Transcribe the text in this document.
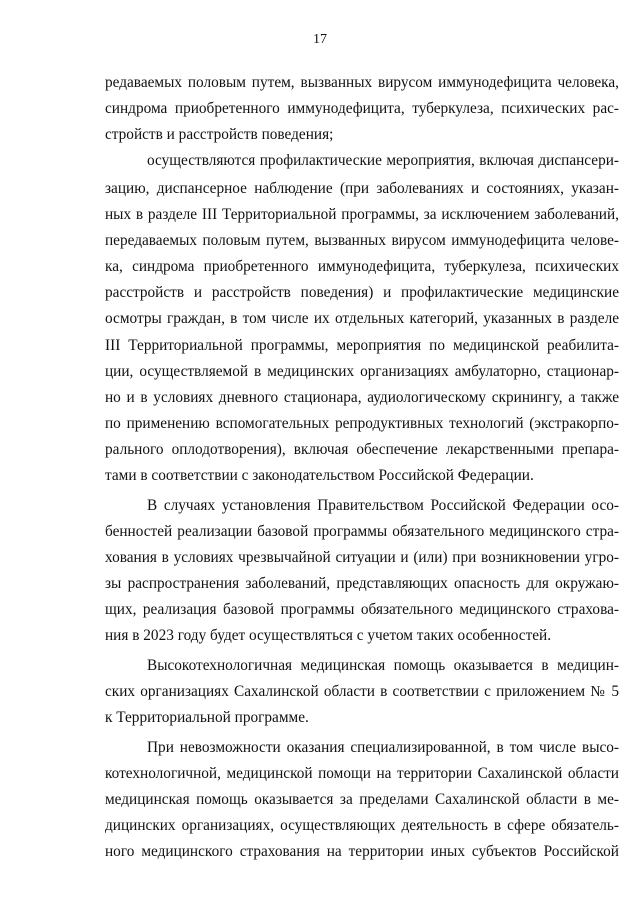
17
редаваемых половым путем, вызванных вирусом иммунодефицита человека,
синдрома приобретенного иммунодефицита, туберкулеза, психических рас-
стройств и расстройств поведения;
осуществляются профилактические мероприятия, включая диспансери-
зацию, диспансерное наблюдение (при заболеваниях и состояниях, указан-
ных в разделе III Территориальной программы, за исключением заболеваний,
передаваемых половым путем, вызванных вирусом иммунодефицита челове-
ка, синдрома приобретенного иммунодефицита, туберкулеза, психических
расстройств и расстройств поведения) и профилактические медицинские
осмотры граждан, в том числе их отдельных категорий, указанных в разделе
III Территориальной программы, мероприятия по медицинской реабилита-
ции, осуществляемой в медицинских организациях амбулаторно, стационар-
но и в условиях дневного стационара, аудиологическому скринингу, а также
по применению вспомогательных репродуктивных технологий (экстракорпо-
рального оплодотворения), включая обеспечение лекарственными препара-
тами в соответствии с законодательством Российской Федерации.
В случаях установления Правительством Российской Федерации осо-
бенностей реализации базовой программы обязательного медицинского стра-
хования в условиях чрезвычайной ситуации и (или) при возникновении угро-
зы распространения заболеваний, представляющих опасность для окружаю-
щих, реализация базовой программы обязательного медицинского страхова-
ния в 2023 году будет осуществляться с учетом таких особенностей.
Высокотехнологичная медицинская помощь оказывается в медицин-
ских организациях Сахалинской области в соответствии с приложением № 5
к Территориальной программе.
При невозможности оказания специализированной, в том числе высо-
котехнологичной, медицинской помощи на территории Сахалинской области
медицинская помощь оказывается за пределами Сахалинской области в ме-
дицинских организациях, осуществляющих деятельность в сфере обязатель-
ного медицинского страхования на территории иных субъектов Российской
